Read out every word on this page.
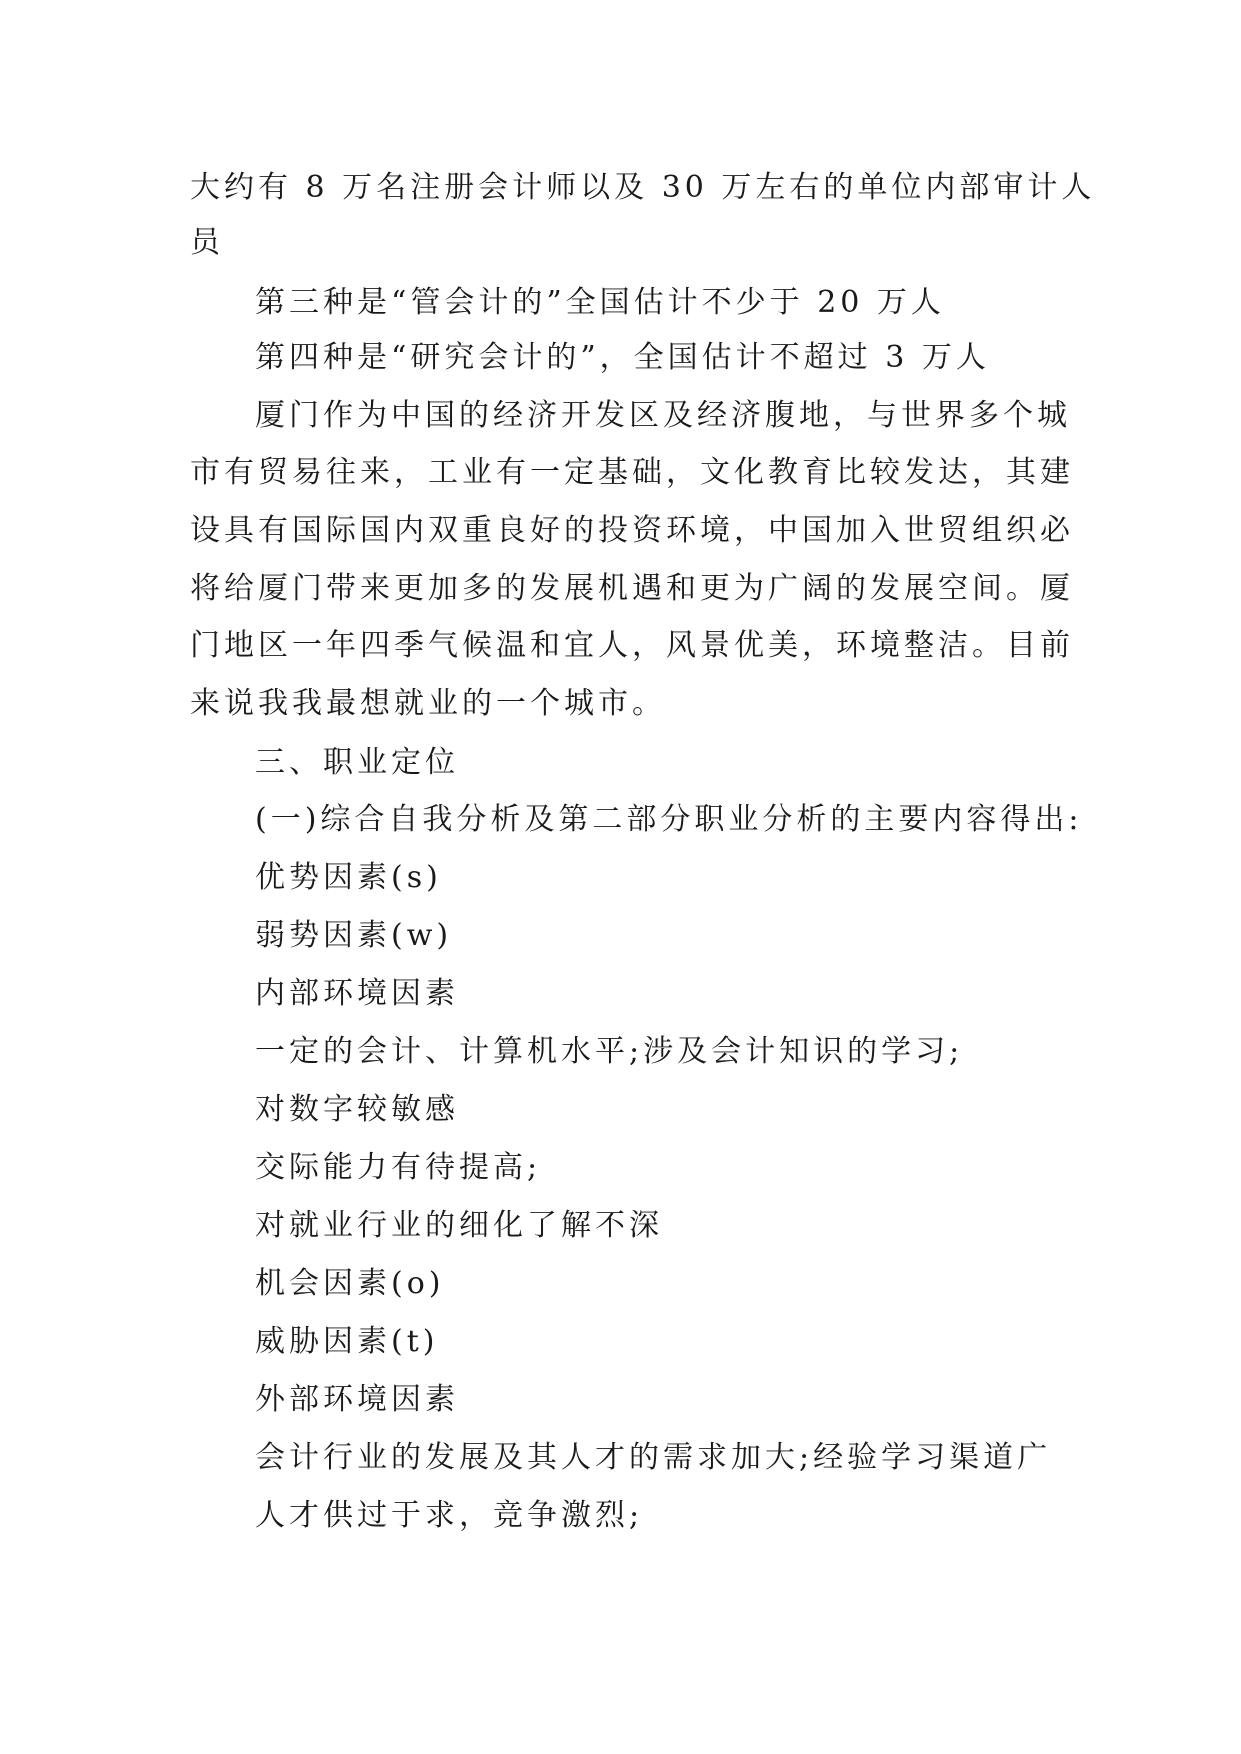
大约有 8 万名注册会计师以及 30 万左右的单位内部审计人
员
第三种是“管会计的”全国估计不少于 20 万人
第四种是“研究会计的”，全国估计不超过 3 万人
厦门作为中国的经济开发区及经济腹地，与世界多个城
市有贸易往来，工业有一定基础，文化教育比较发达，其建
设具有国际国内双重良好的投资环境，中国加入世贸组织必
将给厦门带来更加多的发展机遇和更为广阔的发展空间。厦
门地区一年四季气候温和宜人，风景优美，环境整洁。目前
来说我我最想就业的一个城市。
三、职业定位
(一)综合自我分析及第二部分职业分析的主要内容得出:
优势因素(s)
弱势因素(w)
内部环境因素
一定的会计、计算机水平;涉及会计知识的学习;
对数字较敏感
交际能力有待提高;
对就业行业的细化了解不深
机会因素(o)
威胁因素(t)
外部环境因素
会计行业的发展及其人才的需求加大;经验学习渠道广
人才供过于求，竞争激烈;
